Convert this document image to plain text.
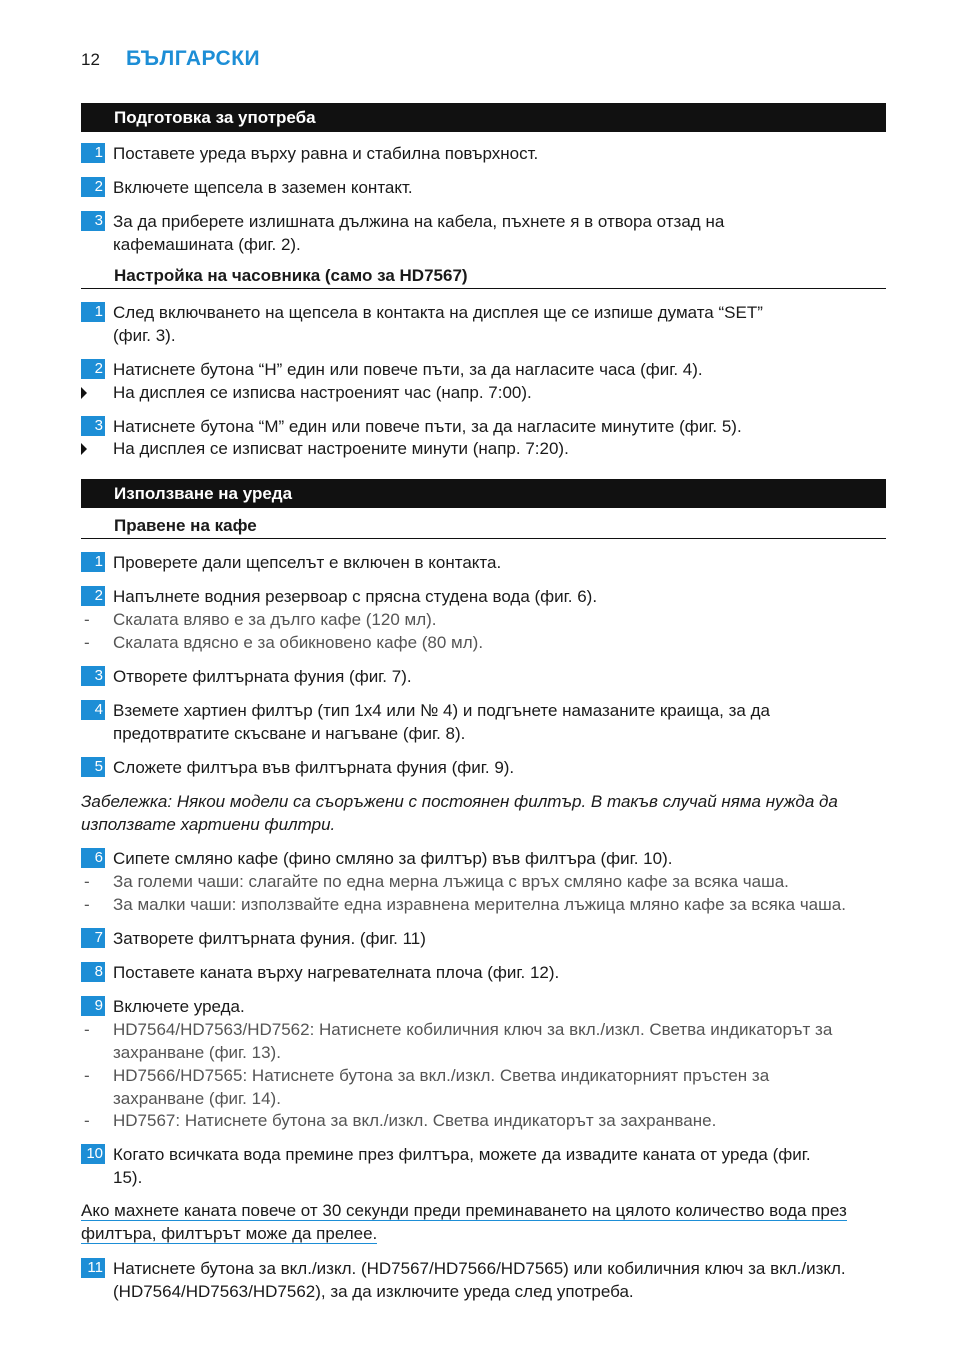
12 БЪЛГАРСКИ
Подготовка за употреба
1 Поставете уреда върху равна и стабилна повърхност.
2 Включете щепсела в заземен контакт.
3 За да приберете излишната дължина на кабела, пъхнете я в отвора отзад на кафемашината (фиг. 2).
Настройка на часовника (само за HD7567)
1 След включването на щепсела в контакта на дисплея ще се изпише думата “SET” (фиг. 3).
2 Натиснете бутона “H” един или повече пъти, за да нагласите часа (фиг. 4).
На дисплея се изписва настроеният час (напр. 7:00).
3 Натиснете бутона “M” един или повече пъти, за да нагласите минутите (фиг. 5).
На дисплея се изписват настроените минути (напр. 7:20).
Използване на уреда
Правене на кафе
1 Проверете дали щепселът е включен в контакта.
2 Напълнете водния резервоар с прясна студена вода (фиг. 6).
- Скалата вляво е за дълго кафе (120 мл).
- Скалата вдясно е за обикновено кафе (80 мл).
3 Отворете филтърната фуния (фиг. 7).
4 Вземете хартиен филтър (тип 1x4 или № 4) и подгънете намазаните краища, за да предотвратите скъсване и нагъване (фиг. 8).
5 Сложете филтъра във филтърната фуния (фиг. 9).
Забележка: Някои модели са съоръжени с постоянен филтър. В такъв случай няма нужда да използвате хартиени филтри.
6 Сипете смляно кафе (фино смляно за филтър) във филтъра (фиг. 10).
- За големи чаши: слагайте по една мерна лъжица с връх смляно кафе за всяка чаша.
- За малки чаши: използвайте една изравнена мерителна лъжица мляно кафе за всяка чаша.
7 Затворете филтърната фуния. (фиг. 11)
8 Поставете каната върху нагревателната плоча (фиг. 12).
9 Включете уреда.
- HD7564/HD7563/HD7562: Натиснете кобиличния ключ за вкл./изкл. Светва индикаторът за захранване (фиг. 13).
- HD7566/HD7565: Натиснете бутона за вкл./изкл. Светва индикаторният пръстен за захранване (фиг. 14).
- HD7567: Натиснете бутона за вкл./изкл. Светва индикаторът за захранване.
10 Когато всичката вода премине през филтъра, можете да извадите каната от уреда (фиг. 15).
Ако махнете каната повече от 30 секунди преди преминаването на цялото количество вода през филтъра, филтърът може да прелее.
11 Натиснете бутона за вкл./изкл. (HD7567/HD7566/HD7565) или кобиличния ключ за вкл./изкл. (HD7564/HD7563/HD7562), за да изключите уреда след употреба.
